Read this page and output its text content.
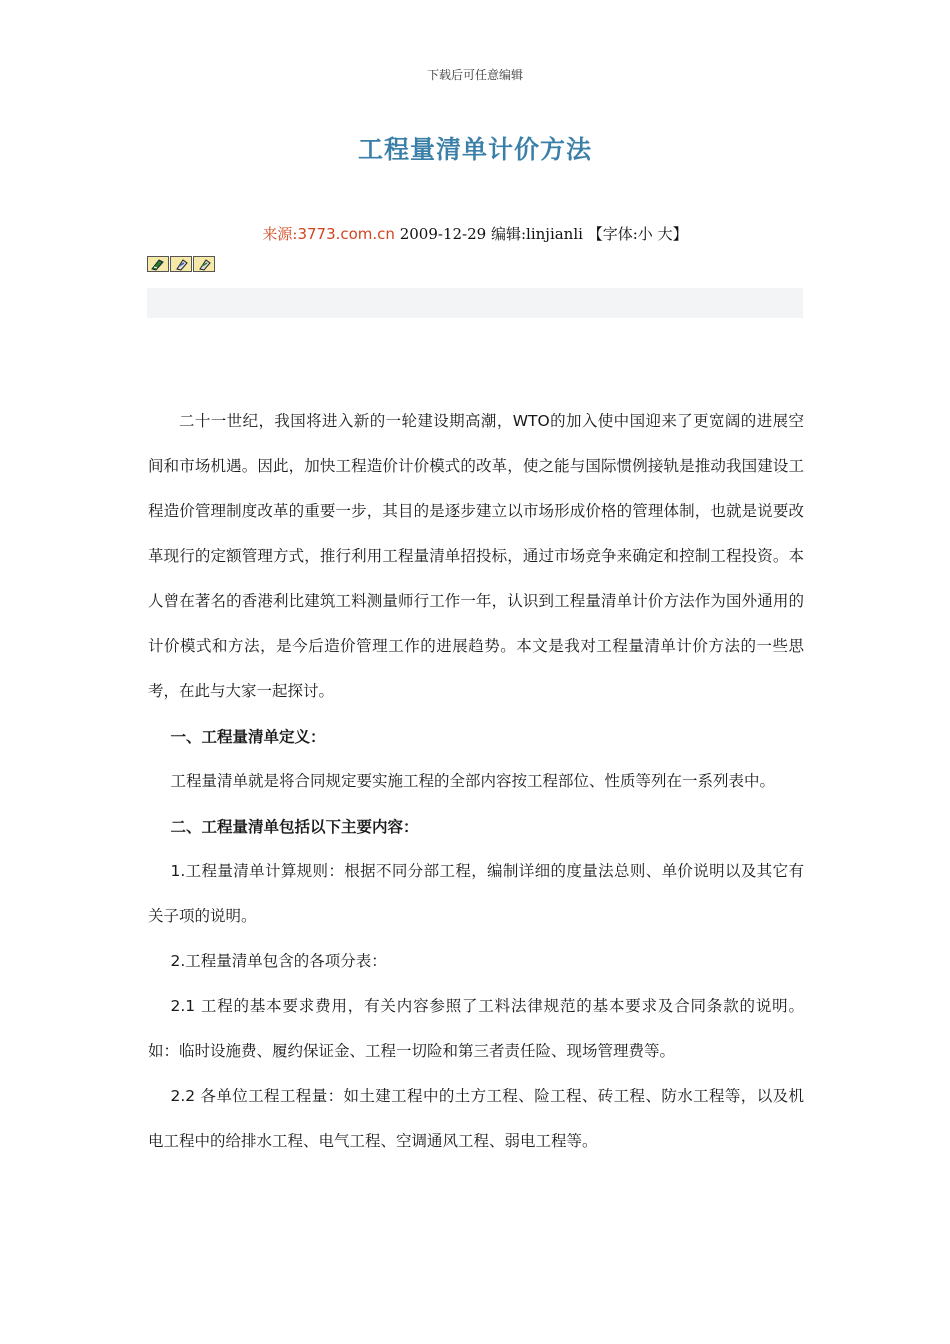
下载后可任意编辑
工程量清单计价方法
来源:3773.com.cn 2009-12-29 编辑:linjianli 【字体:小 大】

二十一世纪，我国将进入新的一轮建设期高潮，WTO的加入使中国迎来了更宽阔的进展空间和市场机遇。因此，加快工程造价计价模式的改革，使之能与国际惯例接轨是推动我国建设工程造价管理制度改革的重要一步，其目的是逐步建立以市场形成价格的管理体制，也就是说要改革现行的定额管理方式，推行利用工程量清单招投标，通过市场竞争来确定和控制工程投资。本人曾在著名的香港利比建筑工料测量师行工作一年，认识到工程量清单计价方法作为国外通用的计价模式和方法，是今后造价管理工作的进展趋势。本文是我对工程量清单计价方法的一些思考，在此与大家一起探讨。

一、工程量清单定义：

工程量清单就是将合同规定要实施工程的全部内容按工程部位、性质等列在一系列表中。

二、工程量清单包括以下主要内容：

1.工程量清单计算规则：根据不同分部工程，编制详细的度量法总则、单价说明以及其它有关子项的说明。

2.工程量清单包含的各项分表：

2.1 工程的基本要求费用，有关内容参照了工料法律规范的基本要求及合同条款的说明。如：临时设施费、履约保证金、工程一切险和第三者责任险、现场管理费等。

2.2 各单位工程工程量：如土建工程中的土方工程、险工程、砖工程、防水工程等，以及机电工程中的给排水工程、电气工程、空调通风工程、弱电工程等。
